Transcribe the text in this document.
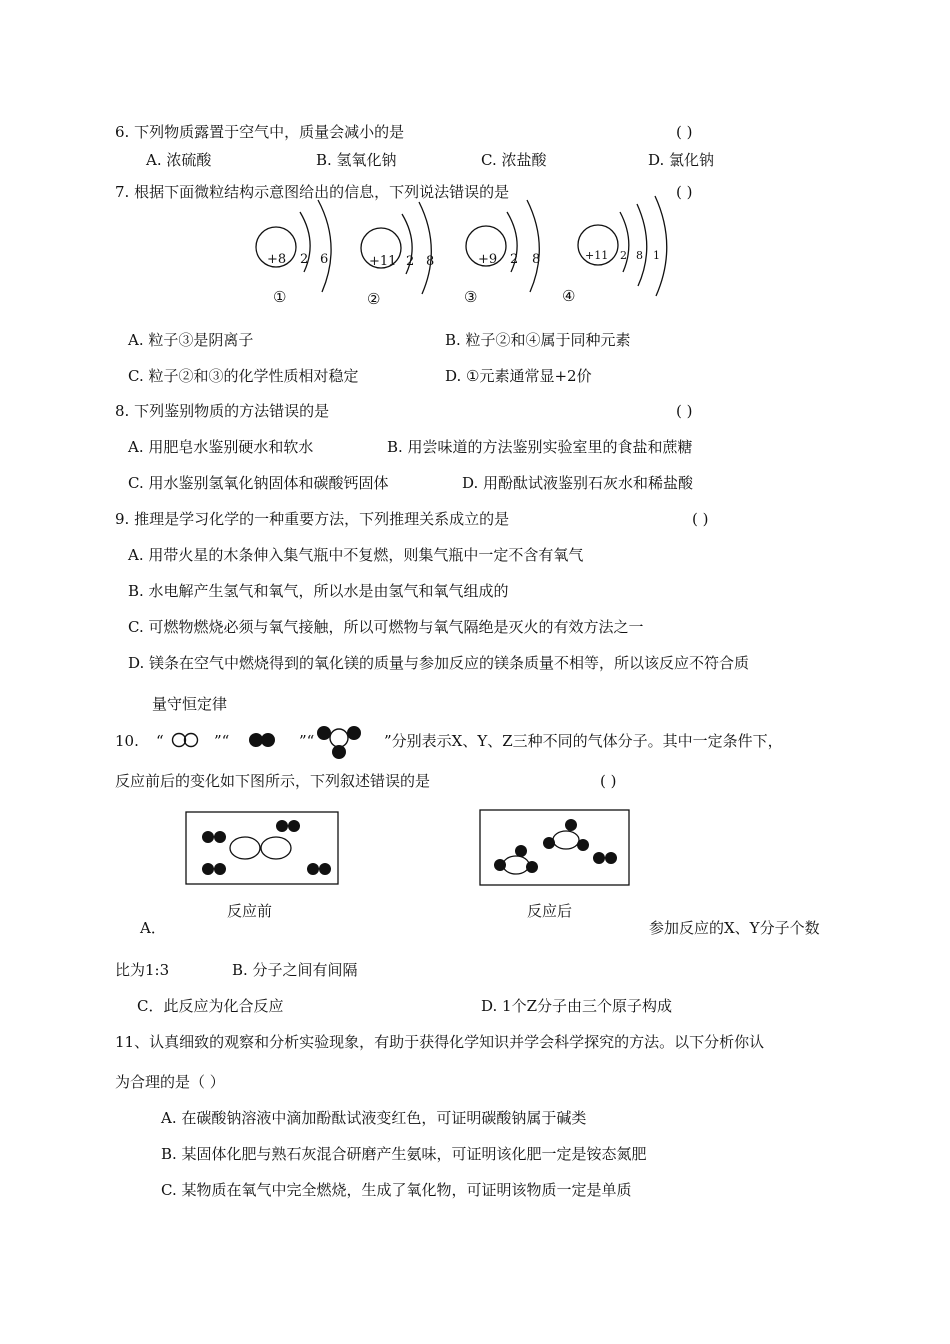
6. 下列物质露置于空气中，质量会减小的是	( )
A. 浓硫酸	B. 氢氧化钠	C. 浓盐酸	D. 氯化钠
7. 根据下面微粒结构示意图给出的信息，下列说法错误的是	( )
+8 2 6
①
+11 2 8
②
+9 2 8
③
+11 2 8 1
④
A. 粒子③是阴离子	B. 粒子②和④属于同种元素
C. 粒子②和③的化学性质相对稳定	D. ①元素通常显+2价
8. 下列鉴别物质的方法错误的是	( )
A. 用肥皂水鉴别硬水和软水	B. 用尝味道的方法鉴别实验室里的食盐和蔗糖
C. 用水鉴别氢氧化钠固体和碳酸钙固体	D. 用酚酞试液鉴别石灰水和稀盐酸
9. 推理是学习化学的一种重要方法，下列推理关系成立的是	( )
A. 用带火星的木条伸入集气瓶中不复燃，则集气瓶中一定不含有氧气
B. 水电解产生氢气和氧气，所以水是由氢气和氧气组成的
C. 可燃物燃烧必须与氧气接触，所以可燃物与氧气隔绝是灭火的有效方法之一
D. 镁条在空气中燃烧得到的氧化镁的质量与参加反应的镁条质量不相等，所以该反应不符合质
量守恒定律
10. “	”“	”“	”分别表示X、Y、Z三种不同的气体分子。其中一定条件下，
反应前后的变化如下图所示，下列叙述错误的是	( )
反应前	反应后
A．	参加反应的X、Y分子个数
比为1:3	B. 分子之间有间隔
C．此反应为化合反应	D. 1个Z分子由三个原子构成
11、认真细致的观察和分析实验现象，有助于获得化学知识并学会科学探究的方法。以下分析你认
为合理的是（ ）
A. 在碳酸钠溶液中滴加酚酞试液变红色，可证明碳酸钠属于碱类
B. 某固体化肥与熟石灰混合研磨产生氨味，可证明该化肥一定是铵态氮肥
C. 某物质在氧气中完全燃烧，生成了氧化物，可证明该物质一定是单质
